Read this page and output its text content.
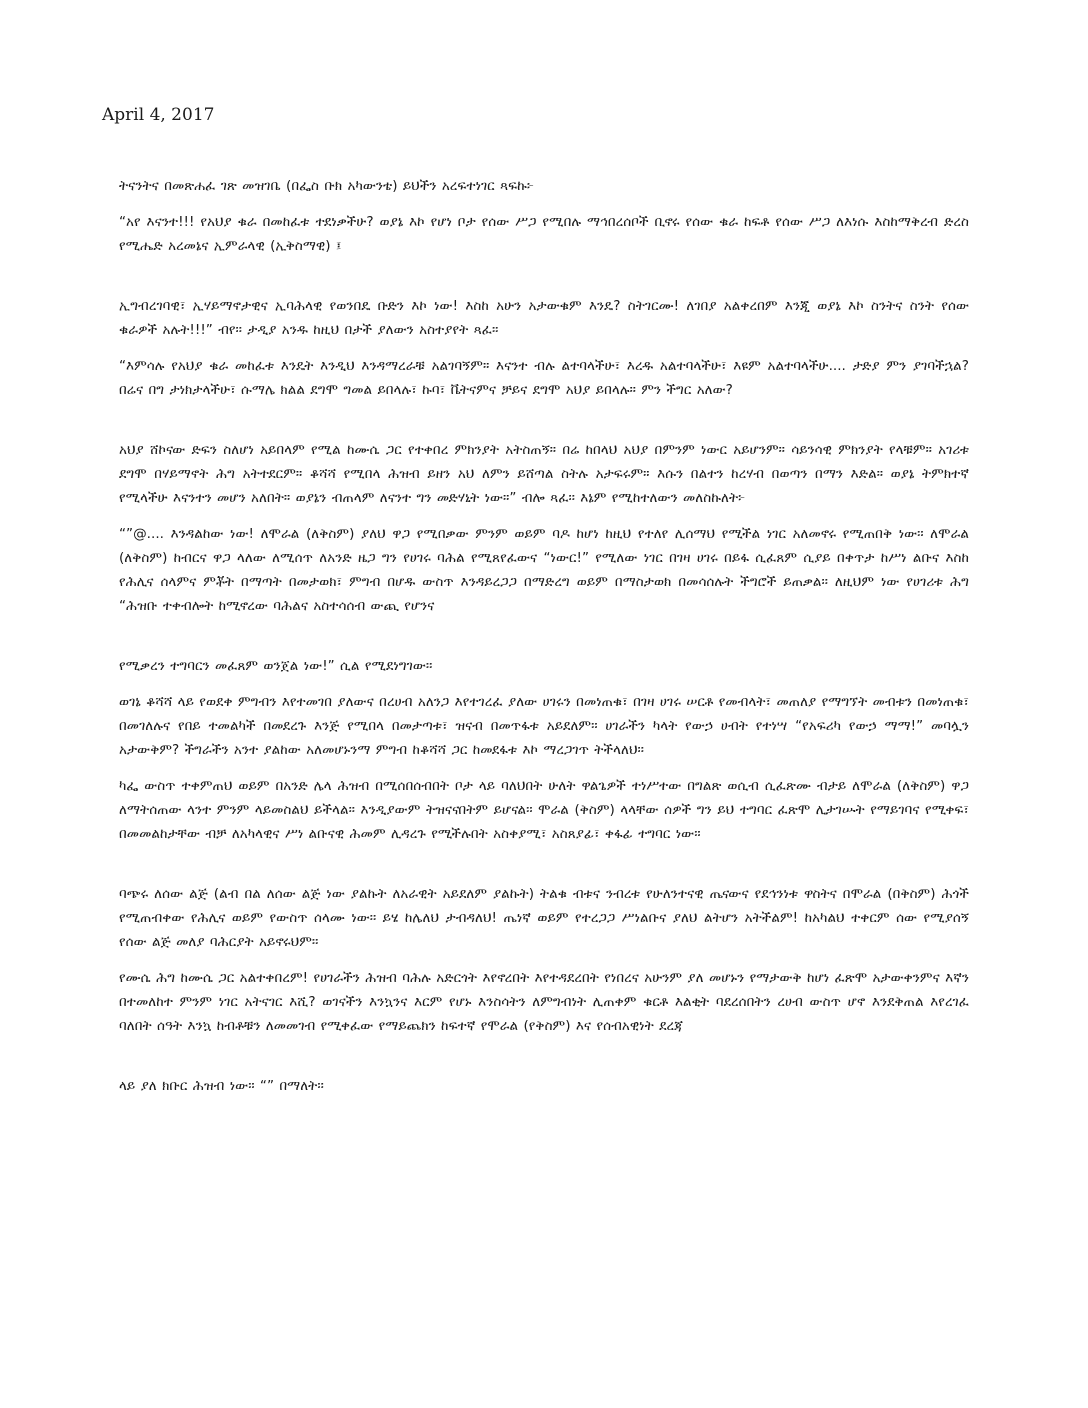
April 4, 2017

ትናንትና በመጽሐፈ ገጽ መዝገቤ (በፌስ ቡክ አካውንቴ) ይህችን አረፍተነገር ጻፍኩ፦

“አየ እናንተ!!! የአህያ ቁራ በመከፈቱ ተደነቃችሁ? ወያኔ እኮ የሆነ ቦታ የሰው ሥጋ የሚበሉ ማኅበረሰቦች ቢኖሩ የሰው ቁራ ከፍቶ የሰው ሥጋ ለእነሱ እስከማቅረብ ድረስ የሚሔድ አረመኔና ኢምራላዊ (ኢቅስማዊ) ፤

ኢግብረገባዊ፣ ኢሃይማኖታዊና ኢባሕላዊ የወንበዴ ቡድን እኮ ነው! እስከ አሁን አታውቁም እንዴ? ስትገርሙ! ለገበያ አልቀረበም እንጂ ወያኔ እኮ ስንትና ስንት የሰው ቁራዎች አሉት!!!” ብየ፡፡ ታዲያ አንዱ ከዚህ በታች ያለውን አስተያየት ጻፈ፡፡

“እምሳሉ የአህያ ቁራ መከፈቱ እንዴት እንዲህ እንዳማረራቹ አልገባኝም። እናንተ ብሉ ልተባላችሁ፣ እረዱ አልተባላችሁ፣ እዩም አልተባላችሁ.... ታድያ ምን ያገባችኋል? በሬና በግ ታነክታላችሁ፣ ሱማሌ ክልል ደግሞ ግመል ይበላሉ፣ ኩባ፣ ቬትናምና ቻይና ደግሞ አህያ ይበላሉ። ምን ችግር አለው?

አህያ ሸኮናው ድፍን ስለሆነ አይበላም የሚል ከሙሴ ጋር የተቀበረ ምክንያት አትስጠኝ። በሬ ከበላህ አህያ በምንም ነውር አይሆንም። ሳይንሳዊ ምክንያት የላቹም። አገሪቱ ደግሞ በሃይማኖት ሕግ አትተደርም። ቆሻሻ የሚበላ ሕዝብ ይዘን አህ ለምን ይሸጣል ስትሉ አታፍሩም። እሱን በልተን ከረሃብ በወጣን በማን እድል። ወያኔ ትምክተኛ የሚላችሁ እናንተን መሆን አለበት። ወያኔን ብጠላም ለናንተ ግን መድሃኒት ነው።” ብሎ ጻፈ፡፡ እኔም የሚከተለውን መለስኩለት፦

“”@.... እንዳልከው ነው! ለሞራል (ለቅስም) ያለህ ዋጋ የሚበቃው ምንም ወይም ባዶ ከሆነ ከዚህ የተለየ ሊሰማህ የሚችል ነገር አለመኖሩ የሚጠበቅ ነው፡፡ ለሞራል (ለቅስም) ከብርና ዋጋ ላለው ለሚሰጥ ለአንድ ዜጋ ግን የሀገሩ ባሕል የሚጸየፈውና “ነውር!” የሚለው ነገር በገዛ ሀገሩ በይፋ ሲፈጸም ሲያይ በቀጥታ ከሥነ ልቡና እስከ የሕሊና ሰላምና ምቾት በማጣት በመታወክ፣ ምግብ በሆዱ ውስጥ እንዳይረጋጋ በማድረግ ወይም በማስታወክ በመሳሰሉት ችግሮች ይጠቃል፡፡ ለዚህም ነው የሀገሪቱ ሕግ “ሕዝቡ ተቀብሎት ከሚኖረው ባሕልና አስተሳሰብ ውጪ የሆንና

የሚቃረን ተግባርን መፈጸም ወንጀል ነው!” ሲል የሚደነግገው፡፡

ወገኔ ቆሻሻ ላይ የወደቀ ምግብን እየተመገበ ያለውና በረሀብ አለንጋ እየተገረፈ ያለው ሀገሩን በመነጠቁ፣ በገዛ ሀገሩ ሠርቶ የመብላት፣ መጠለያ የማግኘት መብቱን በመነጠቁ፣ በመገለሉና የበይ ተመልካች በመደረጉ እንጅ የሚበላ በመታጣቱ፣ ዝናብ በመጥፋቱ አይደለም፡፡ ሀገራችን ካላት የውኃ ሀብት የተነሣ “የአፍሪካ የውኃ ማማ!” መባሏን አታውቅም? ችግራችን አንተ ያልከው አለመሆኑንማ ምግብ ከቆሻሻ ጋር ከመደፋቱ እኮ ማረጋገጥ ትችላለህ፡፡

ካፌ ውስጥ ተቀምጠህ ወይም በአንድ ሌላ ሕዝብ በሚሰበሰብበት ቦታ ላይ ባለህበት ሁለት ዋልጌዎች ተነሥተው በግልጽ ወሲብ ሲፈጽሙ ብታይ ለሞራል (ለቅስም) ዋጋ ለማትሰጠው ላንተ ምንም ላይመስልህ ይችላል፡፡ እንዲያውም ትዝናናበትም ይሆናል፡፡ ሞራል (ቅስም) ላላቸው ሰዎች ግን ይህ ተግባር ፈጽሞ ሊታገሡት የማይገባና የሚቀፍ፣ በመመልከታቸው ብቻ ለአካላዊና ሥነ ልቡናዊ ሕመም ሊዳረጉ የሚችሉበት አስቀያሚ፣ አስጸያፊ፣ ቀፋፊ ተግባር ነው፡፡

ባጭሩ ለሰው ልጅ (ልብ በል ለሰው ልጅ ነው ያልኩት ለአራዊት አይደለም ያልኩት) ትልቁ ብቱና ንብረቱ የሁለንተናዊ ጤናውና የደኅንነቱ ዋስትና በሞራል (በቅስም) ሕጎች የሚጠብቀው የሕሊና ወይም የውስጥ ሰላሙ ነው፡፡ ይሄ ከሌለህ ታብዳለህ! ጤነኛ ወይም የተረጋጋ ሥነልቡና ያለህ ልትሆን አትችልም! ከአካልህ ተቀርም ሰው የሚያሰኝ የሰው ልጅ መለያ ባሕርያት አይኖሩህም፡፡

የሙሴ ሕግ ከሙሴ ጋር አልተቀበረም! የሀገራችን ሕዝብ ባሕሉ አድርጎት እየኖረበት እየተዳደረበት የነበረና አሁንም ያለ መሆኑን የማታውቅ ከሆነ ፈጽሞ አታውቀንምና እኛን በተመለከተ ምንም ነገር አትናገር እሺ? ወገናችን እንኳንና እርም የሆኑ እንስሳትን ለምግብነት ሊጠቀም ቁርቶ እልቂት ባደረሰበትን ረሀብ ውስጥ ሆኖ እንደቅጠል እየረገፈ ባለበት ሰዓት እንኳ ከብቶቹን ለመመገብ የሚቀፈው የማይጨክን ከፍተኛ የሞራል (የቅስም) እና የሰብአዊነት ደረጃ

ላይ ያለ ክቡር ሕዝብ ነው፡፡ “” በማለት፡፡
